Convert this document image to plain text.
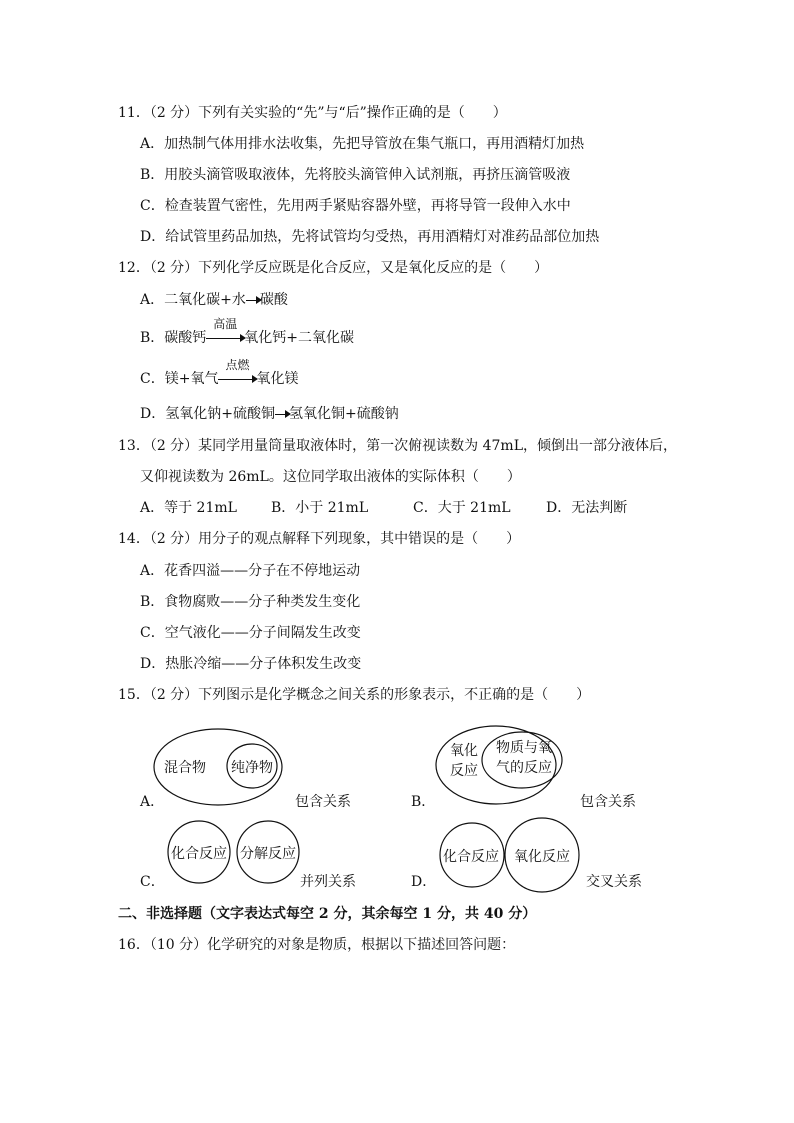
11．（2 分）下列有关实验的“先”与“后”操作正确的是（　　）
A．加热制气体用排水法收集，先把导管放在集气瓶口，再用酒精灯加热
B．用胶头滴管吸取液体，先将胶头滴管伸入试剂瓶，再挤压滴管吸液
C．检查装置气密性，先用两手紧贴容器外壁，再将导管一段伸入水中
D．给试管里药品加热，先将试管均匀受热，再用酒精灯对准药品部位加热
12．（2 分）下列化学反应既是化合反应，又是氧化反应的是（　　）
A．二氧化碳+水 碳酸
B．碳酸钙
高温
氧化钙+二氧化碳
C．镁+氧气
点燃
氧化镁
D．氢氧化钠+硫酸铜 氢氧化铜+硫酸钠
13．（2 分）某同学用量筒量取液体时，第一次俯视读数为 47mL，倾倒出一部分液体后，
又仰视读数为 26mL。这位同学取出液体的实际体积（　　）
A．等于 21mL B．小于 21mL	C．大于 21mL	D．无法判断
14．（2 分）用分子的观点解释下列现象，其中错误的是（　　）
A．花香四溢——分子在不停地运动
B．食物腐败——分子种类发生变化
C．空气液化——分子间隔发生改变
D．热胀冷缩——分子体积发生改变
15．（2 分）下列图示是化学概念之间关系的形象表示，不正确的是（　　）
混合物 纯净物
氧化
反应
物质与氧
气的反应
化合反应 分解反应	化合反应 氧化反应
A．	包含关系	B．	包含关系
C．	并列关系	D．	交叉关系
二、非选择题（文字表达式每空 2 分，其余每空 1 分，共 40 分）
16．（10 分）化学研究的对象是物质，根据以下描述回答问题：
